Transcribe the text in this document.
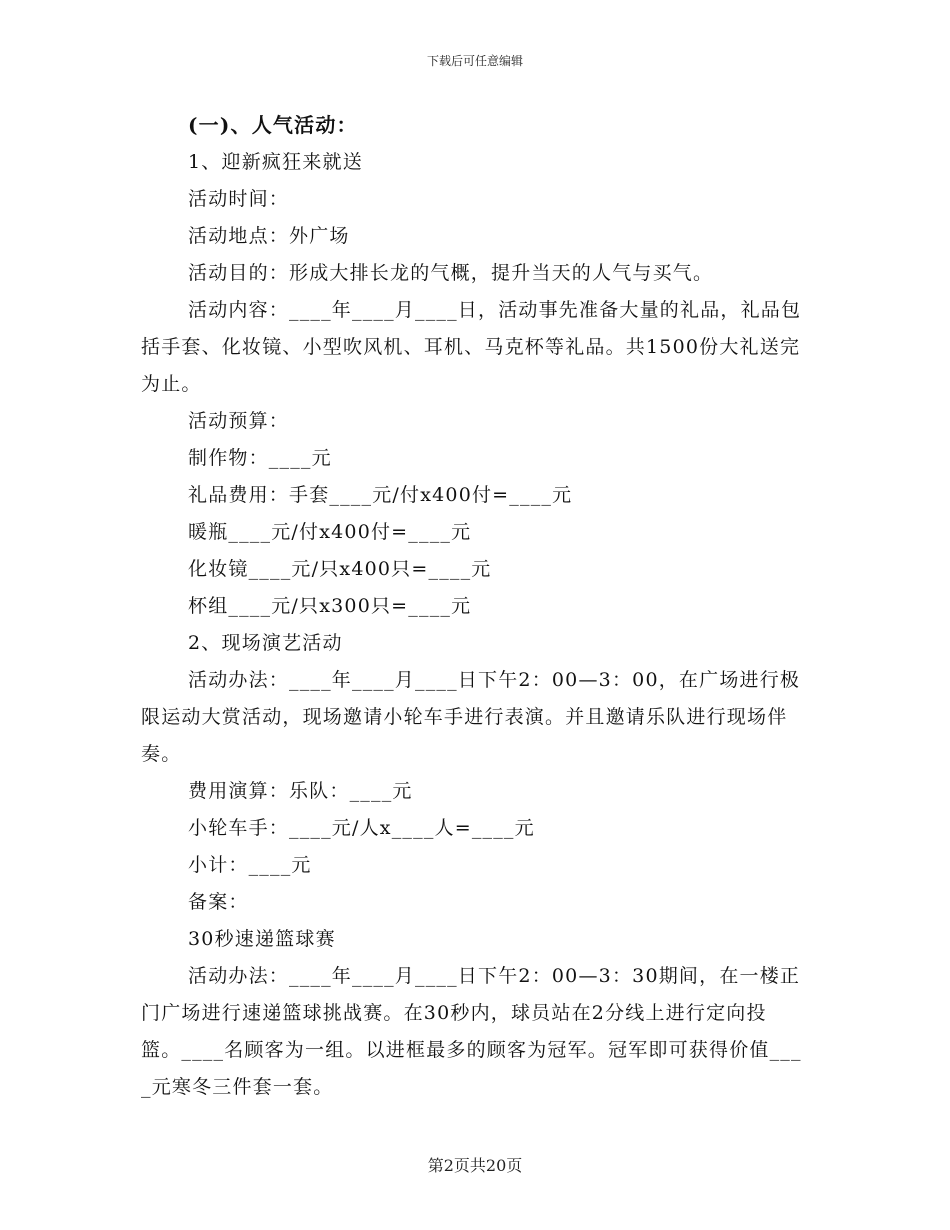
下载后可任意编辑

(一)、人气活动：

1、迎新疯狂来就送

活动时间：

活动地点：外广场

活动目的：形成大排长龙的气概，提升当天的人气与买气。

活动内容：____年____月____日，活动事先准备大量的礼品，礼品包括手套、化妆镜、小型吹风机、耳机、马克杯等礼品。共1500份大礼送完为止。

活动预算：

制作物：____元

礼品费用：手套____元/付x400付=____元

暖瓶____元/付x400付=____元

化妆镜____元/只x400只=____元

杯组____元/只x300只=____元

2、现场演艺活动

活动办法：____年____月____日下午2：00—3：00，在广场进行极限运动大赏活动，现场邀请小轮车手进行表演。并且邀请乐队进行现场伴奏。

费用演算：乐队：____元

小轮车手：____元/人x____人=____元

小计：____元

备案：

30秒速递篮球赛

活动办法：____年____月____日下午2：00—3：30期间，在一楼正门广场进行速递篮球挑战赛。在30秒内，球员站在2分线上进行定向投篮。____名顾客为一组。以进框最多的顾客为冠军。冠军即可获得价值____元寒冬三件套一套。

第2页共20页
